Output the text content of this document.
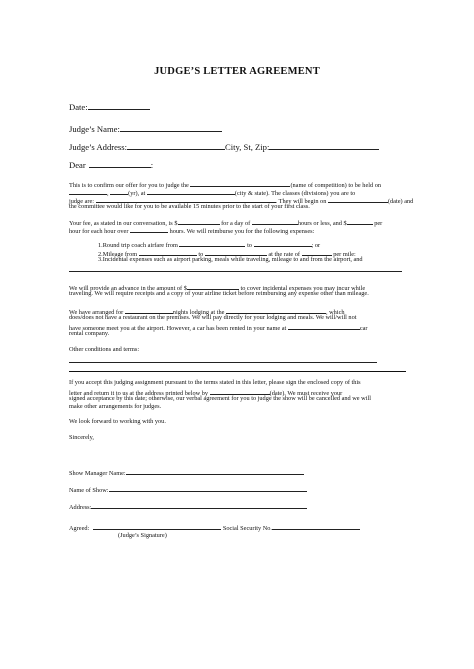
JUDGE’S LETTER AGREEMENT
Date:
Judge’s Name:
Judge’s Address:	City, St, Zip:
Dear	:
This is to confirm our offer for you to judge the	(name of competition) to be held on
,	(yr), at	(city & state). The classes (divisions) you are to
judge are:	. They will begin on	(date) and
the committee would like for you to be available 15 minutes prior to the start of your first class.
Your fee, as stated in our conversation, is $	for a day of	hours or less, and $	per
hour for each hour over	hours. We will reimburse you for the following expenses:
1.Round trip coach airfare from	to	; or
2.Mileage from	to	at the rate of	per mile:
3.Incidental expenses such as airport parking, meals while traveling, mileage to and from the airport, and
We will provide an advance in the amount of $	to cover incidental expenses you may incur while
traveling. We will require receipts and a copy of your airline ticket before reimbursing any expense other than mileage.
We have arranged for	nights lodging at the	, which
does/does not have a restaurant on the premises. We will pay directly for your lodging and meals. We will/will not
have someone meet you at the airport. However, a car has been rented in your name at	car
rental company.
Other conditions and terms:
If you accept this judging assignment pursuant to the terms stated in this letter, please sign the enclosed copy of this
letter and return it to us at the address printed below by	(date). We must receive your
signed acceptance by this date; otherwise, our verbal agreement for you to judge the show will be cancelled and we will
make other arrangements for judges.
We look forward to working with you.
Sincerely,
Show Manager Name:
Name of Show:
Address:
Agreed:	Social Security No.
(Judge’s Signature)
